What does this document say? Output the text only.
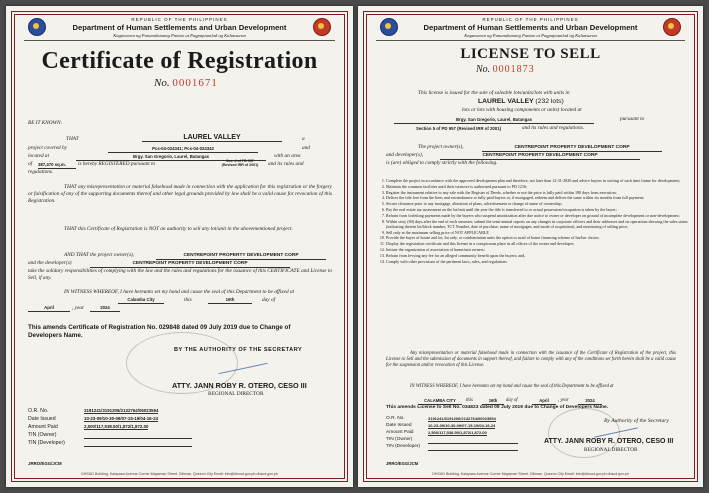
REPUBLIC OF THE PHILIPPINES
Department of Human Settlements and Urban Development
Kagawaran ng Pananahanang Pantao at Pagpapaunlad ng Kalunsuran
Certificate of Registration
No. 0001671
BE IT KNOWN:
THAT	LAUREL VALLEY	a
project covered by	Pcs-04-024341; Pcs-04-024342	and
located at	Brgy. San Gregorio, Laurel, Batangas	with an area
of 387,470 sq.m.	is hereby REGISTERED pursuant to	Sec. 4 of PD 957 (Revised IRR of 2001)	and its rules and
regulations.
THAT any misrepresentation or material falsehood made in connection with the application for this registration or the forgery or falsification of any of the supporting documents thereof and other legal grounds provided by law shall be a valid cause for revocation of this Registration.
THAT this Certificate of Registration is NOT an authority to sell any lot/unit in the abovementioned project.
AND THAT the project owner(s),	CENTREPOINT PROPERTY DEVELOPMENT CORP
and the developer(s)	CENTREPOINT PROPERTY DEVELOPMENT CORP
take the solidary responsibilities of complying with the law and the rules and regulations for the issuance of this CERTIFICATE and License to Sell, if any.
IN WITNESS WHEREOF, I have hereunto set my hand and cause the seal of this Department to be affixed at
Calamba City	this	16th	day of
April	, year	2024
This amends Certificate of Registration No. 029848 dated 09 July 2019 due to Change of Developers Name.
BY THE AUTHORITY OF THE SECRETARY
ATTY. JANN ROBY R. OTERO, CESO III
REGIONAL DIRECTOR
O.R. No.	3191241/3191206/2132764/06023554
Date Issued	10-23-09/10-30-09/07-15-19/04-16-24
Amount Paid	2,500/117,538.50/1,872/1,872.00
TIN (Owner)
TIN (Developer)
JRRO/EGG/JCM
DHSUD Building, Kalayaan Avenue Corner Mayaman Street, Diliman, Quezon City Email: info@dhsud.gov.ph dhsud.gov.ph
REPUBLIC OF THE PHILIPPINES
Department of Human Settlements and Urban Development
Kagawaran ng Pananahanang Pantao at Pagpapaunlad ng Kalunsuran
LICENSE TO SELL
No. 0001873
This license is issued for the sale of saleable lots/units/lots with units in
LAUREL VALLEY (232 lots)
lots or lots with housing components or units) located at
Brgy. San Gregorio, Laurel, Batangas	pursuant to
Section 5 of PD 957 (Revised IRR of 2001)	and its rules and regulations.
The project owner(s),	CENTREPOINT PROPERTY DEVELOPMENT CORP
and developer(s),	CENTREPOINT PROPERTY DEVELOPMENT CORP
is (are) obliged to comply strictly with the following.
1. Complete the project in accordance with the approved development plan and therefore, not later than 12-31-2020 and advice buyers in writing of such time frame for development;
2. Maintain the common facilities until their turnover is authorized pursuant to PD 1216;
3. Register the instrument relative to any sale with the Register of Deeds, whether or not the price is fully paid within 180 days from execution;
4. Deliver the title free from the liens and encumbrance to fully paid buyers or, if mortgaged, redeem and deliver the same within six months from full payment;
5. Secure clearance prior to any mortgage, alteration of plans, advertisement or change of name of ownership;
6. Pay the real estate tax assessment on the lot/unit until the year the title is transferred to or actual possession/occupation is taken by the buyer;
7. Refrain from forfeiting payments made by the buyers who suspend amortization after due notice to owner or developer on ground of incomplete development or non-development;
8. Within sixty (60) days after the end of each semester, submit the semi-annual reports on any changes in corporate officers and their addresses and on operations showing the sales status (indicating therein lot/block number, TCT Number, date of purchase, name of mortgagee, and mode of acquisition), and monitoring of selling price;
9. Sell only at the maximum selling price of NOT APPLICABLE
10. Provide the buyer of house and lot, lot only, or condominium units the option to avail of home financing scheme of his/her choice;
11. Display the registration certificate and this license in a conspicuous place in all offices of the owner and developer;
12. Initiate the organization of association of home/unit owners;
13. Refrain from levying any fee for an alleged community benefit upon the buyers; and,
14. Comply with other provisions of the pertinent laws, rules, and regulations.
Any misrepresentation or material falsehood made in connection with the issuance of the Certificate of Registration of the project, this License to Sell and the submission of documents in support thereof, and failure to comply with any of the conditions set forth herein shall be a valid cause for the suspension and/or revocation of this License.
IN WITNESS WHEREOF, I have hereunto set my hand and cause the seal of this Department to be affixed at
CALAMBA CITY	this	16th	day of	April	, year	2024
This amends License to Sell No. 034823 dated 09 July 2019 due to Change of Developers Name.
By Authority of the Secretary
ATTY. JANN ROBY R. OTERO, CESO III
REGIONAL DIRECTOR
O.R. No.	3191241/3191206/2132764/06023554
Date Issued	10-23-09/10-30-09/07-15-19/04-16-24
Amount Paid	2,500/117,538.50/1,872/1,872.00
TIN (Owner)
TIN (Developer)
JRRO/EGG/JCM
DHSUD Building, Kalayaan Avenue Corner Mayaman Street, Diliman, Quezon City Email: info@dhsud.gov.ph dhsud.gov.ph
